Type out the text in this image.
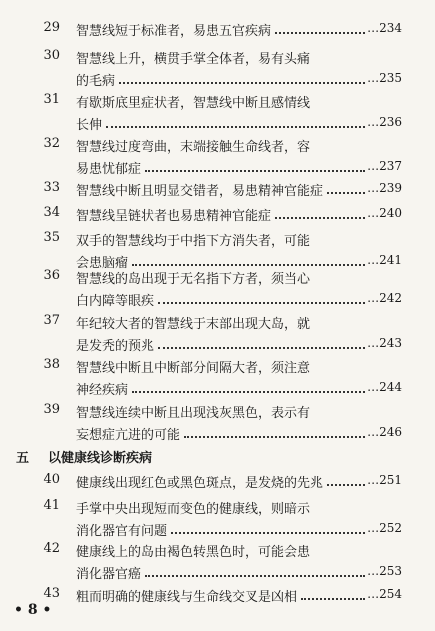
29 智慧线短于标准者，易患五官疾病	…234
30 智慧线上升，横贯手掌全体者，易有头痛
的毛病	…235
31 有歇斯底里症状者，智慧线中断且感情线
长伸	…236
32 智慧线过度弯曲，末端接触生命线者，容
易患忧郁症	…237
33 智慧线中断且明显交错者，易患精神官能症	…239
34 智慧线呈链状者也易患精神官能症	…240
35 双手的智慧线均于中指下方消失者，可能
会患脑瘤	…241
36 智慧线的岛出现于无名指下方者，须当心
白内障等眼疾	…242
37 年纪较大者的智慧线于末部出现大岛，就
是发秃的预兆	…243
38 智慧线中断且中断部分间隔大者，须注意
神经疾病	…244
39 智慧线连续中断且出现浅灰黑色，表示有
妄想症亢进的可能	…246
40 健康线出现红色或黑色斑点，是发烧的先兆	…251
41 手掌中央出现短而变色的健康线，则暗示
消化器官有问题	…252
42 健康线上的岛由褐色转黑色时，可能会患
消化器官癌	…253
43 粗而明确的健康线与生命线交叉是凶相	…254
五 以健康线诊断疾病
• 8 •
